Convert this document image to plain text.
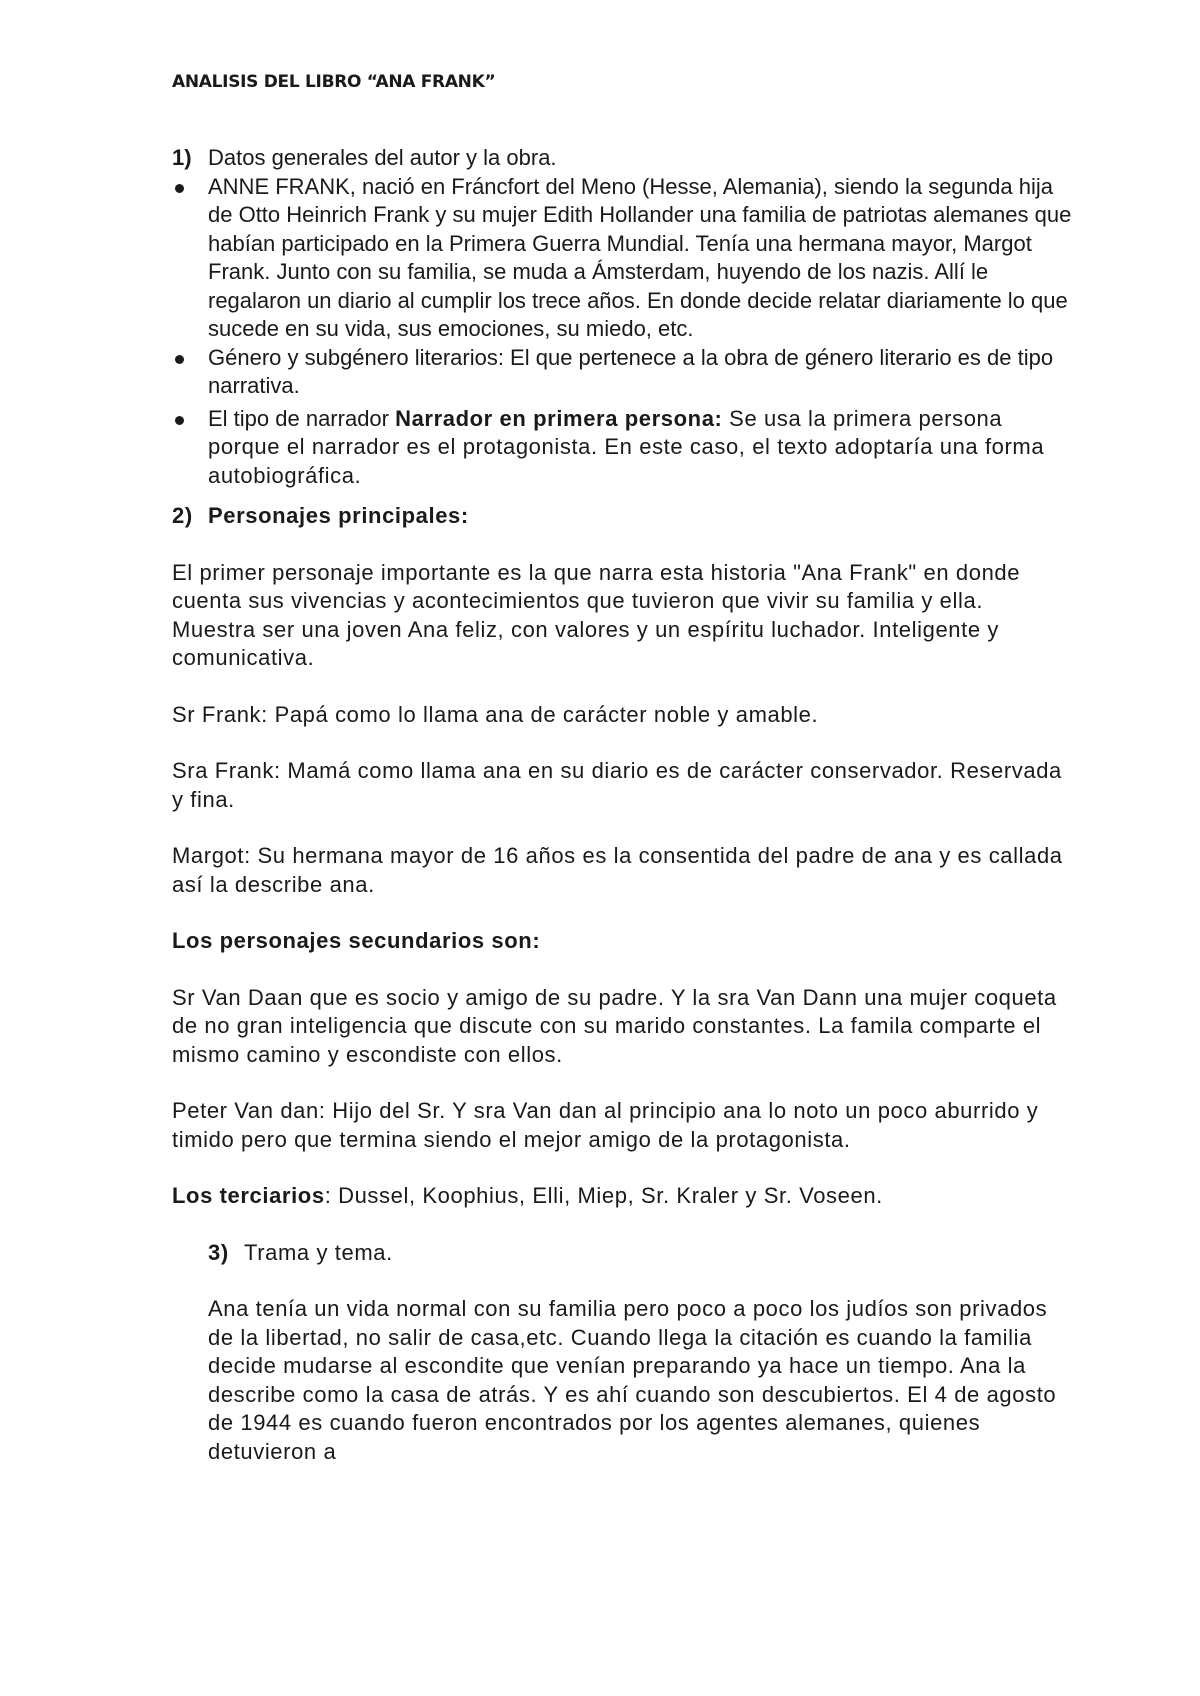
ANALISIS DEL LIBRO “ANA FRANK”
1) Datos generales del autor y la obra.
ANNE FRANK, nació en Fráncfort del Meno (Hesse, Alemania), siendo la segunda hija de Otto Heinrich Frank y su mujer Edith Hollander una familia de patriotas alemanes que habían participado en la Primera Guerra Mundial. Tenía una hermana mayor, Margot Frank. Junto con su familia, se muda a Ámsterdam, huyendo de los nazis. Allí le regalaron un diario al cumplir los trece años. En donde decide relatar diariamente lo que sucede en su vida, sus emociones, su miedo, etc.
Género y subgénero literarios: El que pertenece a la obra de género literario es de tipo narrativa.
El tipo de narrador Narrador en primera persona: Se usa la primera persona porque el narrador es el protagonista. En este caso, el texto adoptaría una forma autobiográfica.
2) Personajes principales:

El primer personaje importante es la que narra esta historia "Ana Frank" en donde cuenta sus vivencias y acontecimientos que tuvieron que vivir su familia y ella. Muestra ser una joven Ana feliz, con valores y un espíritu luchador. Inteligente y comunicativa.

Sr Frank: Papá como lo llama ana de carácter noble y amable.

Sra Frank: Mamá como llama ana en su diario es de carácter conservador. Reservada y fina.

Margot: Su hermana mayor de 16 años es la consentida del padre de ana y es callada así la describe ana.

Los personajes secundarios son:

Sr Van Daan que es socio y amigo de su padre. Y la sra Van Dann una mujer coqueta de no gran inteligencia que discute con su marido constantes. La famila comparte el mismo camino y escondiste con ellos.

Peter Van dan: Hijo del Sr. Y sra Van dan al principio ana lo noto un poco aburrido y timido pero que termina siendo el mejor amigo de la protagonista.

Los terciarios: Dussel, Koophius, Elli, Miep, Sr. Kraler y Sr. Voseen.

3) Trama y tema.

Ana tenía un vida normal con su familia pero poco a poco los judíos son privados de la libertad, no salir de casa,etc. Cuando llega la citación es cuando la familia decide mudarse al escondite que venían preparando ya hace un tiempo. Ana la describe como la casa de atrás. Y es ahí cuando son descubiertos. El 4 de agosto de 1944 es cuando fueron encontrados por los agentes alemanes, quienes detuvieron a
